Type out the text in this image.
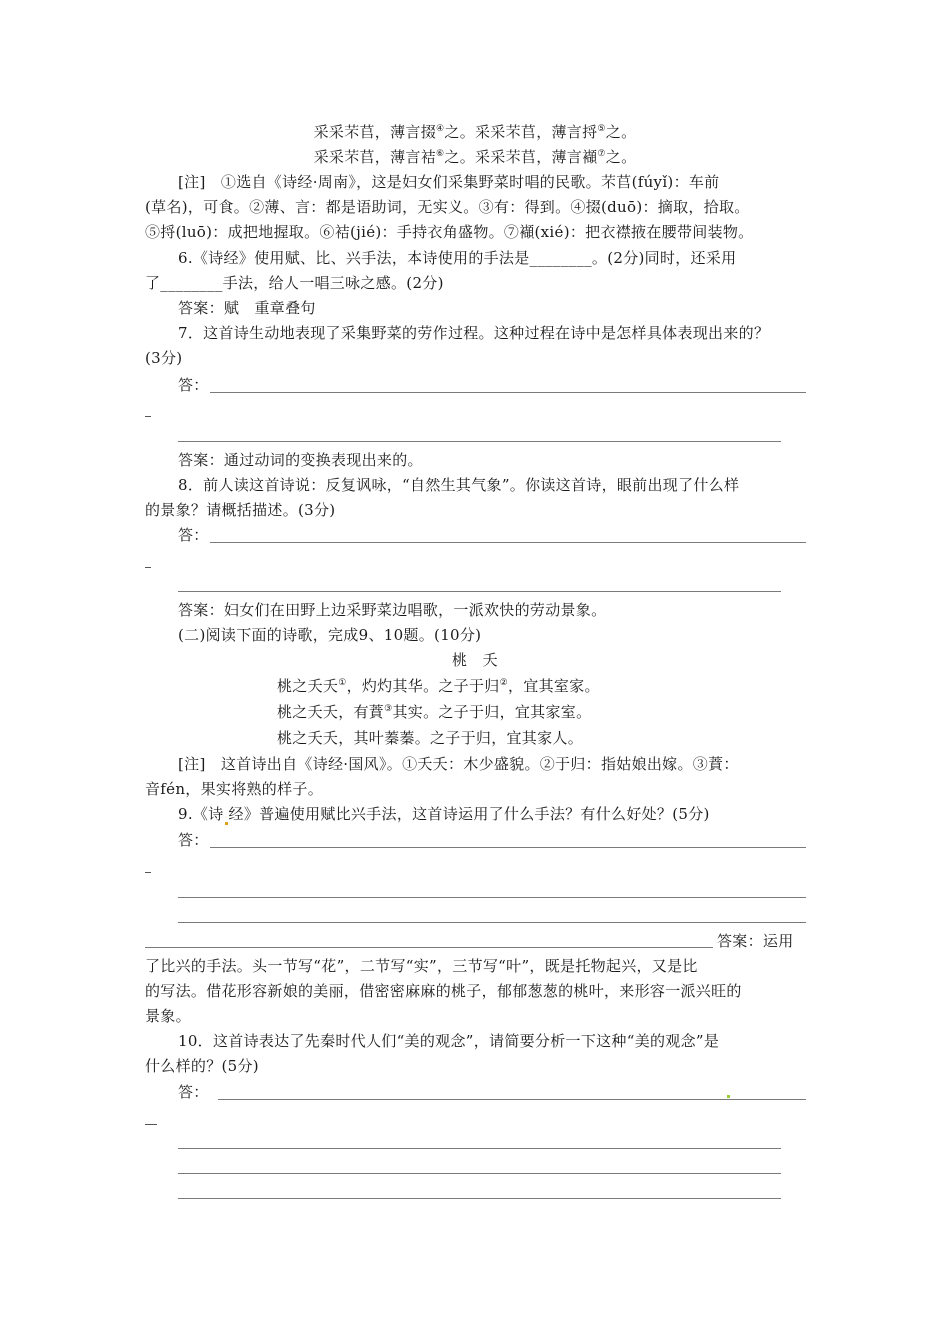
采采芣苢，薄言掇④之。采采芣苢，薄言捋⑤之。
采采芣苢，薄言袺⑥之。采采芣苢，薄言襭⑦之。
[注]　①选自《诗经·周南》，这是妇女们采集野菜时唱的民歌。芣苢(fúyǐ)：车前
(草名)，可食。②薄、言：都是语助词，无实义。③有：得到。④掇(duō)：摘取，拾取。
⑤捋(luō)：成把地握取。⑥袺(jié)：手持衣角盛物。⑦襭(xié)：把衣襟掖在腰带间装物。
6.《诗经》使用赋、比、兴手法，本诗使用的手法是________。(2分)同时，还采用
了________手法，给人一唱三咏之感。(2分)
答案：赋　重章叠句
7．这首诗生动地表现了采集野菜的劳作过程。这种过程在诗中是怎样具体表现出来的？
(3分)
答：
答案：通过动词的变换表现出来的。
8．前人读这首诗说：反复讽咏，“自然生其气象”。你读这首诗，眼前出现了什么样
的景象？请概括描述。(3分)
答：
答案：妇女们在田野上边采野菜边唱歌，一派欢快的劳动景象。
(二)阅读下面的诗歌，完成9、10题。(10分)
桃　夭
桃之夭夭①，灼灼其华。之子于归②，宜其室家。
桃之夭夭，有蕡③其实。之子于归，宜其家室。
桃之夭夭，其叶蓁蓁。之子于归，宜其家人。
[注]　这首诗出自《诗经·国风》。①夭夭：木少盛貌。②于归：指姑娘出嫁。③蕡：
音fén，果实将熟的样子。
9.《诗 经》普遍使用赋比兴手法，这首诗运用了什么手法？有什么好处？(5分)
答：
答案：运用
了比兴的手法。头一节写“花”，二节写“实”，三节写“叶”，既是托物起兴，又是比
的写法。借花形容新娘的美丽，借密密麻麻的桃子，郁郁葱葱的桃叶，来形容一派兴旺的
景象。
10．这首诗表达了先秦时代人们“美的观念”，请简要分析一下这种“美的观念”是
什么样的？(5分)
答：
